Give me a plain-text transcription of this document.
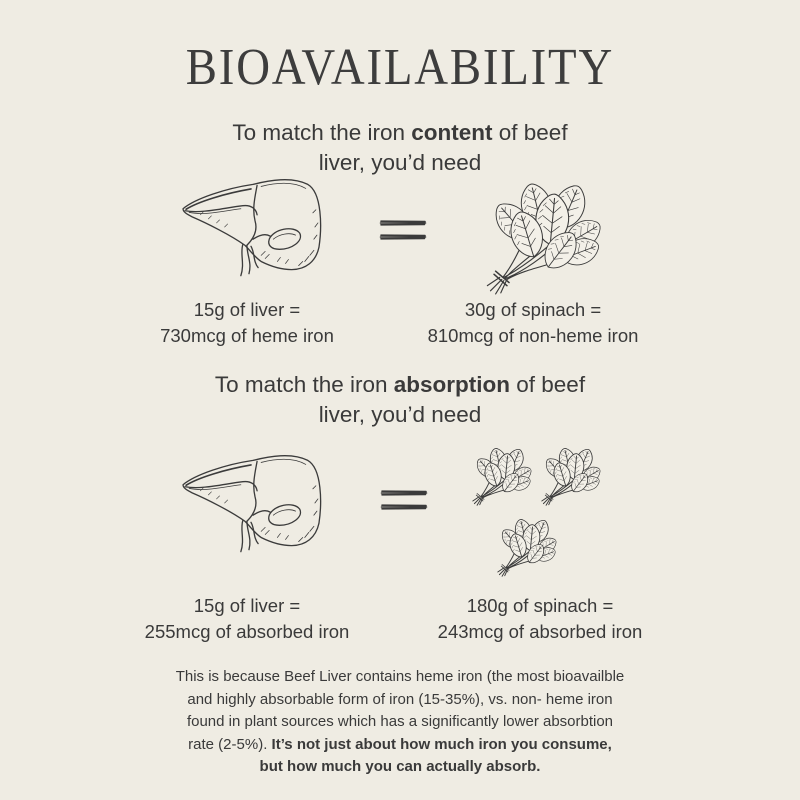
BIOAVAILABILITY
To match the iron content of beef
liver, you’d need
15g of liver =
730mcg of heme iron
30g of spinach =
810mcg of non-heme iron
To match the iron absorption of beef
liver, you’d need
15g of liver =
255mcg of absorbed iron
180g of spinach =
243mcg of absorbed iron

This is because Beef Liver contains heme iron (the most bioavailble
and highly absorbable form of iron (15-35%), vs. non- heme iron
found in plant sources which has a significantly lower absorbtion
rate (2-5%). It’s not just about how much iron you consume,
but how much you can actually absorb.
